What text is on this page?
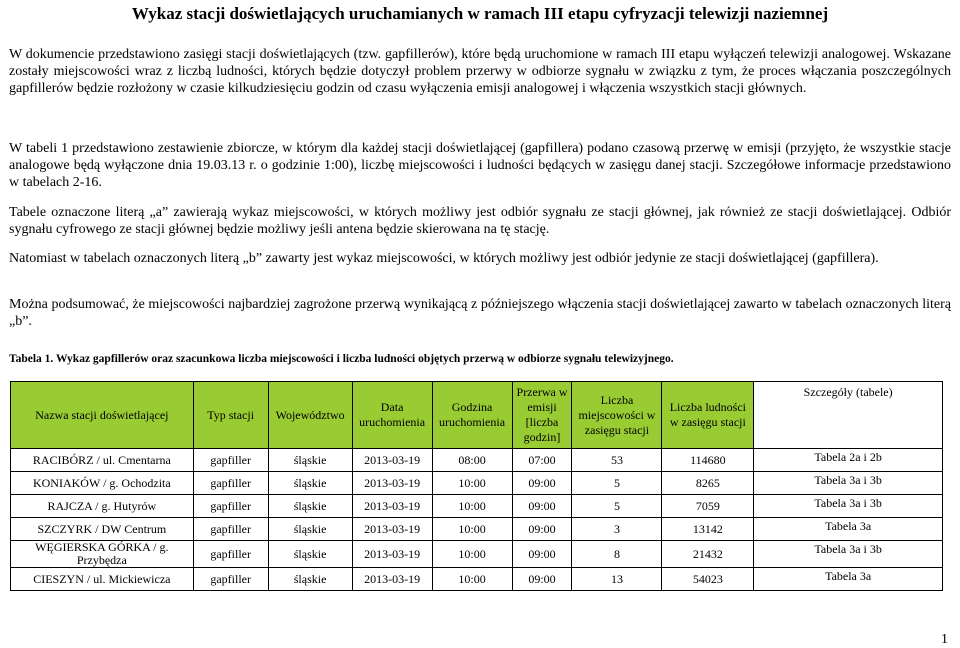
Wykaz stacji doświetlających uruchamianych w ramach III etapu cyfryzacji telewizji naziemnej

W dokumencie przedstawiono zasięgi stacji doświetlających (tzw. gapfillerów), które będą uruchomione w ramach III etapu wyłączeń telewizji analogowej. Wskazane zostały miejscowości wraz z liczbą ludności, których będzie dotyczył problem przerwy w odbiorze sygnału w związku z tym, że proces włączania poszczególnych gapfillerów będzie rozłożony w czasie kilkudziesięciu godzin od czasu wyłączenia emisji analogowej i włączenia wszystkich stacji głównych.

W tabeli 1 przedstawiono zestawienie zbiorcze, w którym dla każdej stacji doświetlającej (gapfillera) podano czasową przerwę w emisji (przyjęto, że wszystkie stacje analogowe będą wyłączone dnia 19.03.13 r. o godzinie 1:00), liczbę miejscowości i ludności będących w zasięgu danej stacji. Szczegółowe informacje przedstawiono w tabelach 2-16.

Tabele oznaczone literą „a” zawierają wykaz miejscowości, w których możliwy jest odbiór sygnału ze stacji głównej, jak również ze stacji doświetlającej. Odbiór sygnału cyfrowego ze stacji głównej będzie możliwy jeśli antena będzie skierowana na tę stację.

Natomiast w tabelach oznaczonych literą „b” zawarty jest wykaz miejscowości, w których możliwy jest odbiór jedynie ze stacji doświetlającej (gapfillera).

Można podsumować, że miejscowości najbardziej zagrożone przerwą wynikającą z późniejszego włączenia stacji doświetlającej zawarto w tabelach oznaczonych literą „b”.

Tabela 1. Wykaz gapfillerów oraz szacunkowa liczba miejscowości i liczba ludności objętych przerwą w odbiorze sygnału telewizyjnego.
Nazwa stacji doświetlającej	Typ stacji	Województwo	Data uruchomienia	Godzina uruchomienia	Przerwa w emisji [liczba godzin]	Liczba miejscowości w zasięgu stacji	Liczba ludności w zasięgu stacji	Szczegóły (tabele)
RACIBÓRZ / ul. Cmentarna	gapfiller	śląskie	2013-03-19	08:00	07:00	53	114680	Tabela 2a i 2b
KONIAKÓW / g. Ochodzita	gapfiller	śląskie	2013-03-19	10:00	09:00	5	8265	Tabela 3a i 3b
RAJCZA / g. Hutyrów	gapfiller	śląskie	2013-03-19	10:00	09:00	5	7059	Tabela 3a i 3b
SZCZYRK / DW Centrum	gapfiller	śląskie	2013-03-19	10:00	09:00	3	13142	Tabela 3a
WĘGIERSKA GÓRKA / g. Przybędza	gapfiller	śląskie	2013-03-19	10:00	09:00	8	21432	Tabela 3a i 3b
CIESZYN / ul. Mickiewicza	gapfiller	śląskie	2013-03-19	10:00	09:00	13	54023	Tabela 3a
1
